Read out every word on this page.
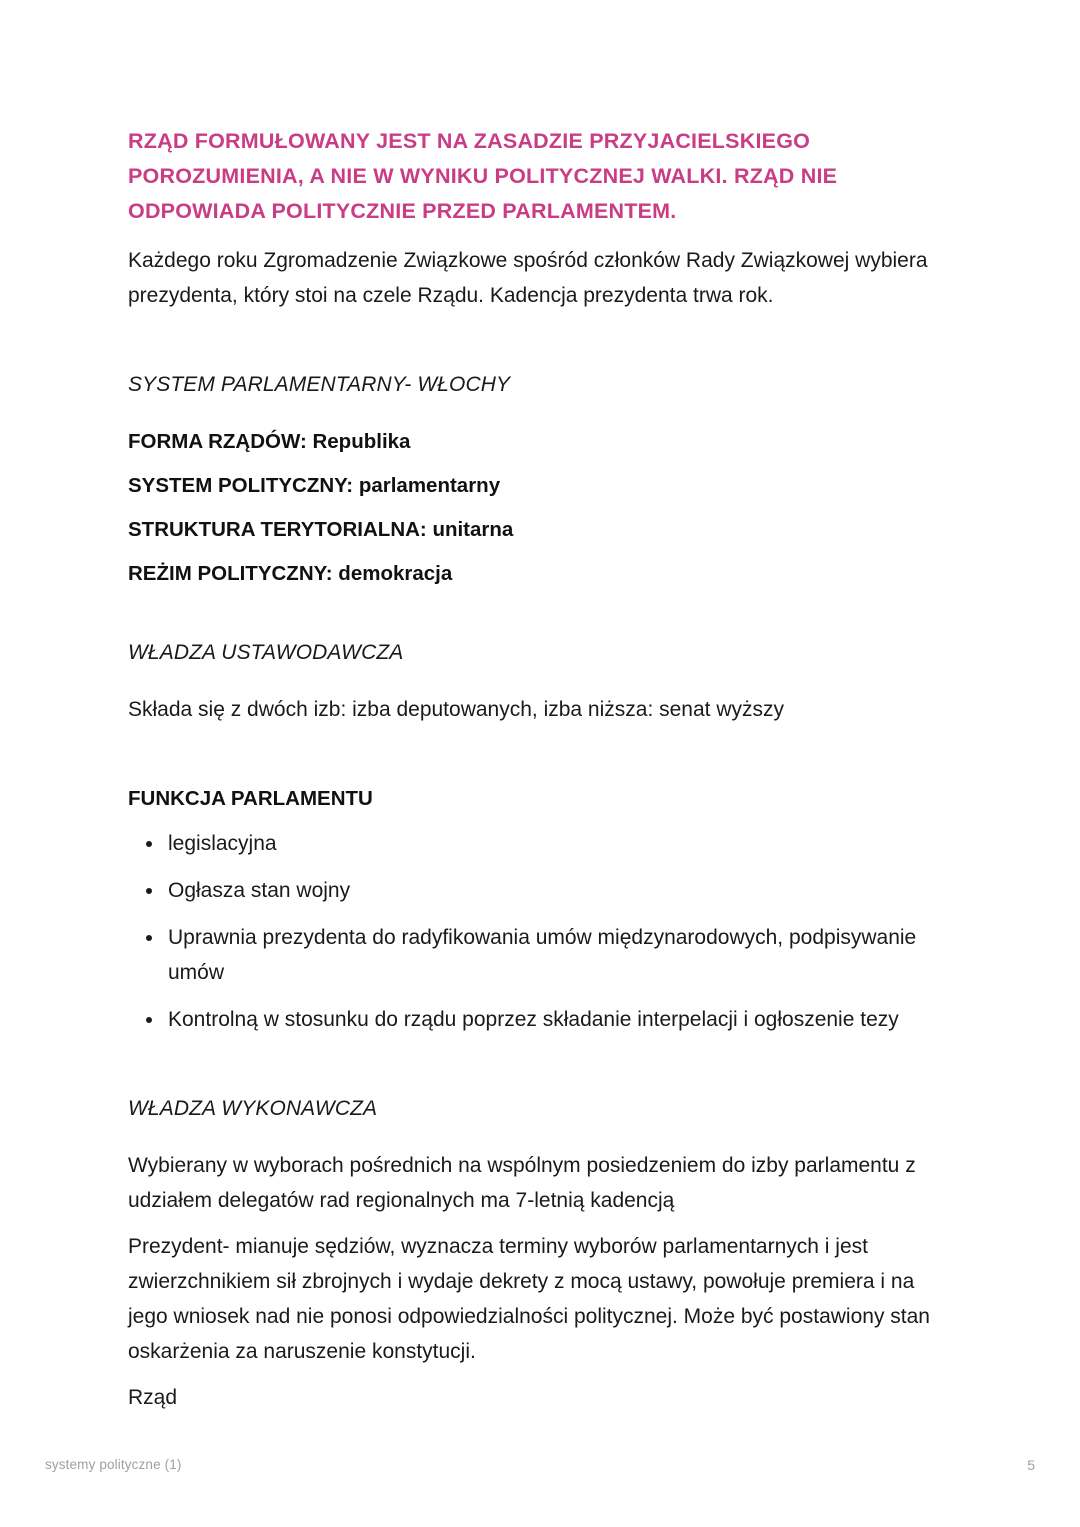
RZĄD FORMUŁOWANY JEST NA ZASADZIE PRZYJACIELSKIEGO POROZUMIENIA, A NIE W WYNIKU POLITYCZNEJ WALKI. RZĄD NIE ODPOWIADA POLITYCZNIE PRZED PARLAMENTEM.

Każdego roku Zgromadzenie Związkowe spośród członków Rady Związkowej wybiera prezydenta, który stoi na czele Rządu. Kadencja prezydenta trwa rok.

SYSTEM PARLAMENTARNY- WŁOCHY

FORMA RZĄDÓW: Republika

SYSTEM POLITYCZNY: parlamentarny

STRUKTURA TERYTORIALNA: unitarna

REŻIM POLITYCZNY: demokracja

WŁADZA USTAWODAWCZA

Składa się z dwóch izb: izba deputowanych, izba niższa: senat wyższy

FUNKCJA PARLAMENTU

legislacyjna
Ogłasza stan wojny
Uprawnia prezydenta do radyfikowania umów międzynarodowych, podpisywanie umów
Kontrolną w stosunku do rządu poprzez składanie interpelacji i ogłoszenie tezy

WŁADZA WYKONAWCZA

Wybierany w wyborach pośrednich na wspólnym posiedzeniem do izby parlamentu z udziałem delegatów rad regionalnych ma 7-letnią kadencją

Prezydent- mianuje sędziów, wyznacza terminy wyborów parlamentarnych i jest zwierzchnikiem sił zbrojnych i wydaje dekrety z mocą ustawy, powołuje premiera i na jego wniosek nad nie ponosi odpowiedzialności politycznej. Może być postawiony stan oskarżenia za naruszenie konstytucji.

Rząd

systemy polityczne (1)	5
